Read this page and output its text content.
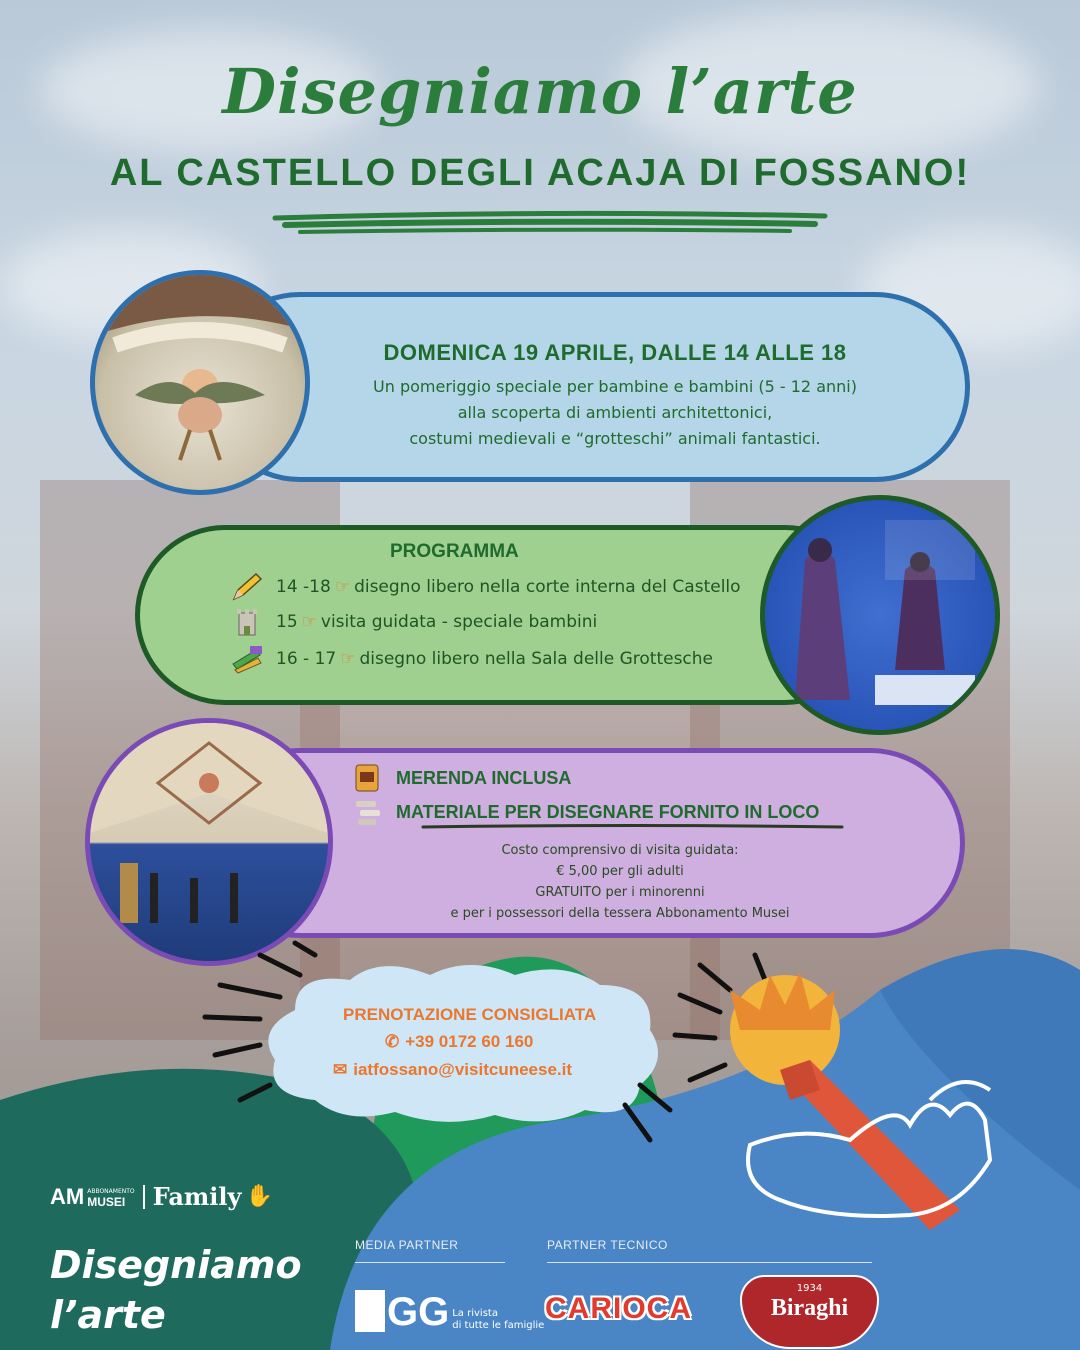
Disegniamo l’arte
AL CASTELLO DEGLI ACAJA DI FOSSANO!
DOMENICA 19 APRILE, DALLE 14 ALLE 18
Un pomeriggio speciale per bambine e bambini (5 - 12 anni)
alla scoperta di ambienti architettonici,
costumi medievali e “grotteschi” animali fantastici.
PROGRAMMA
14 -18 ☞ disegno libero nella corte interna del Castello
15 ☞ visita guidata - speciale bambini
16 - 17 ☞ disegno libero nella Sala delle Grottesche
MERENDA INCLUSA
MATERIALE PER DISEGNARE FORNITO IN LOCO
Costo comprensivo di visita guidata:
€ 5,00 per gli adulti
GRATUITO per i minorenni
e per i possessori della tessera Abbonamento Musei
PRENOTAZIONE CONSIGLIATA
✆ +39 0172 60 160
✉ iatfossano@visitcuneese.it
AM ABBONAMENTO
MUSEI	Family ✋
Disegniamo
l’arte
MEDIA PARTNER	PARTNER TECNICO
GG La rivista
di tutte le famiglie
CARIOCA
1934
Biraghi
